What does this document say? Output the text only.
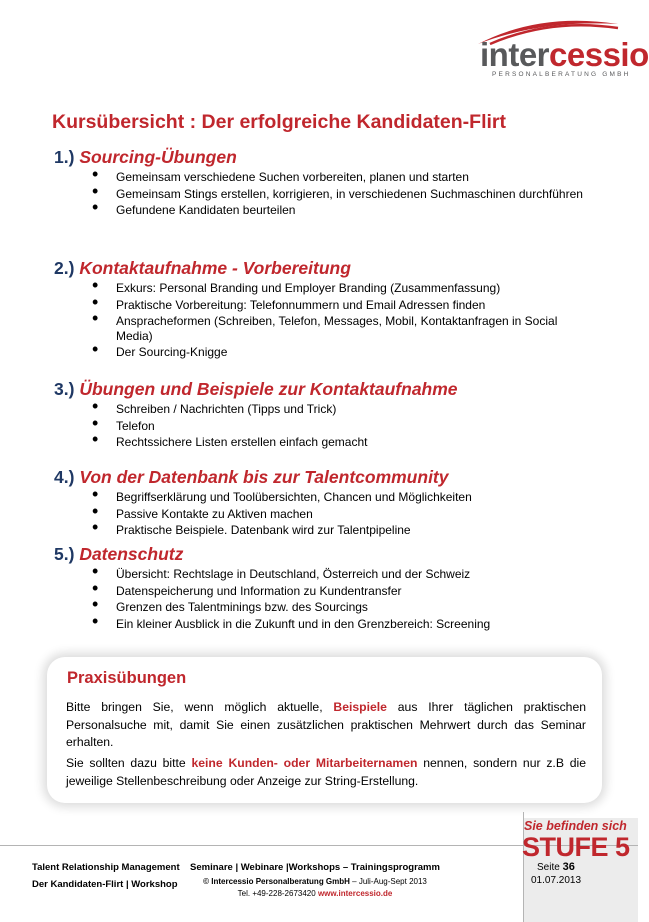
intercessio
PERSONALBERATUNG GMBH
Kursübersicht : Der erfolgreiche Kandidaten-Flirt
1.) Sourcing-Übungen
• Gemeinsam verschiedene Suchen vorbereiten, planen und starten
• Gemeinsam Stings erstellen, korrigieren, in verschiedenen Suchmaschinen durchführen
• Gefundene Kandidaten beurteilen
2.) Kontaktaufnahme - Vorbereitung
• Exkurs: Personal Branding und Employer Branding (Zusammenfassung)
• Praktische Vorbereitung: Telefonnummern und Email Adressen finden
• Anspracheformen (Schreiben, Telefon, Messages, Mobil, Kontaktanfragen in Social Media)
• Der Sourcing-Knigge
3.) Übungen und Beispiele zur Kontaktaufnahme
• Schreiben / Nachrichten (Tipps und Trick)
• Telefon
• Rechtssichere Listen erstellen einfach gemacht
4.) Von der Datenbank bis zur Talentcommunity
• Begriffserklärung und Toolübersichten, Chancen und Möglichkeiten
• Passive Kontakte zu Aktiven machen
• Praktische Beispiele. Datenbank wird zur Talentpipeline
5.) Datenschutz
• Übersicht: Rechtslage in Deutschland, Österreich und der Schweiz
• Datenspeicherung und Information zu Kundentransfer
• Grenzen des Talentminings bzw. des Sourcings
• Ein kleiner Ausblick in die Zukunft und in den Grenzbereich: Screening
Praxisübungen
Bitte bringen Sie, wenn möglich aktuelle, Beispiele aus Ihrer täglichen praktischen Personalsuche mit, damit Sie einen zusätzlichen praktischen Mehrwert durch das Seminar erhalten.
Sie sollten dazu bitte keine Kunden- oder Mitarbeiternamen nennen, sondern nur z.B die jeweilige Stellenbeschreibung oder Anzeige zur String-Erstellung.
Sie befinden sich
STUFE 5
Seite 36
01.07.2013
Talent Relationship Management
Der Kandidaten-Flirt | Workshop
Seminare | Webinare |Workshops – Trainingsprogramm
© Intercessio Personalberatung GmbH – Juli-Aug-Sept 2013
Tel. +49-228-2673420 www.intercessio.de
